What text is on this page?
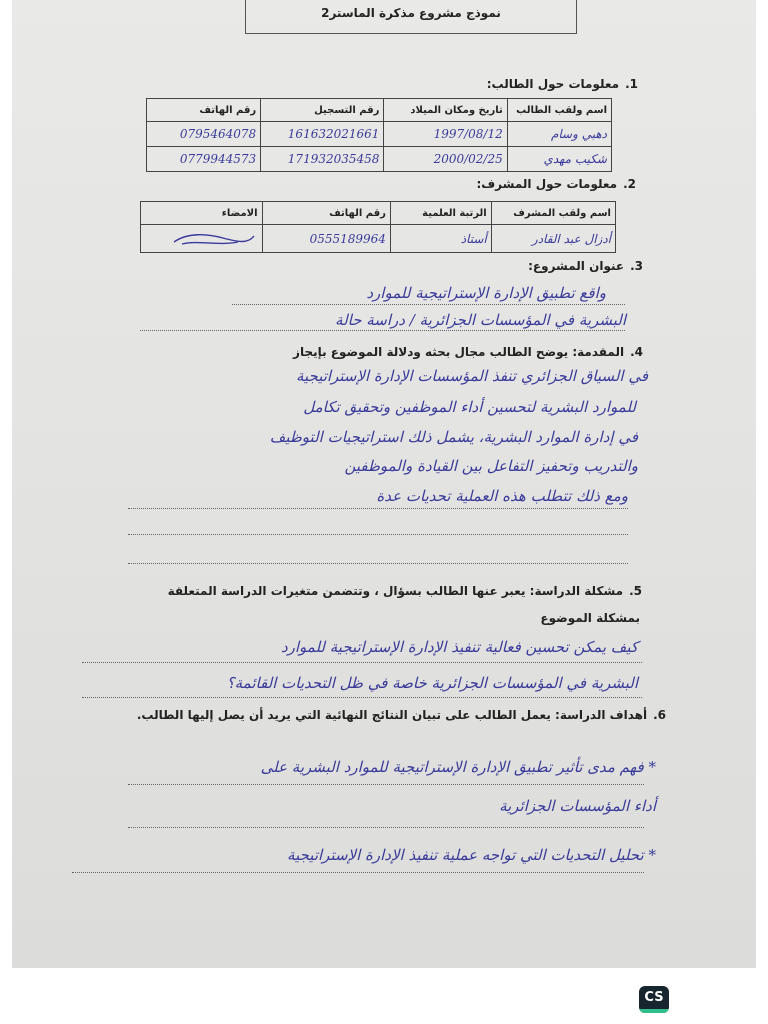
نموذج مشروع مذكرة الماستر2
1.معلومات حول الطالب:
اسم ولقب الطالب	تاريخ ومكان الميلاد	رقم التسجيل	رقم الهاتف
دهبي وسام	1997/08/12	161632021661	0795464078
شكيب مهدي	2000/02/25	171932035458	0779944573
2.معلومات حول المشرف:
اسم ولقب المشرف	الرتبة العلمية	رقم الهاتف	الامضاء
أدزال عبد القادر	أستاذ	0555189964	
3.عنوان المشروع:
واقع تطبيق الإدارة الإستراتيجية للموارد
البشرية في المؤسسات الجزائرية / دراسة حالة
4.المقدمة: يوضح الطالب مجال بحثه ودلالة الموضوع بإيجاز
في السياق الجزائري تنفذ المؤسسات الإدارة الإستراتيجية
للموارد البشرية لتحسين أداء الموظفين وتحقيق تكامل
في إدارة الموارد البشرية، يشمل ذلك استراتيجيات التوظيف
والتدريب وتحفيز التفاعل بين القيادة والموظفين
ومع ذلك تتطلب هذه العملية تحديات عدة
5.مشكلة الدراسة: يعبر عنها الطالب بسؤال ، وتتضمن متغيرات الدراسة المتعلقة
بمشكلة الموضوع
كيف يمكن تحسين فعالية تنفيذ الإدارة الإستراتيجية للموارد
البشرية في المؤسسات الجزائرية خاصة في ظل التحديات القائمة؟
6.أهداف الدراسة: يعمل الطالب على تبيان النتائج النهائية التي يريد أن يصل إليها الطالب.
* فهم مدى تأثير تطبيق الإدارة الإستراتيجية للموارد البشرية على
أداء المؤسسات الجزائرية
* تحليل التحديات التي تواجه عملية تنفيذ الإدارة الإستراتيجية
CS
